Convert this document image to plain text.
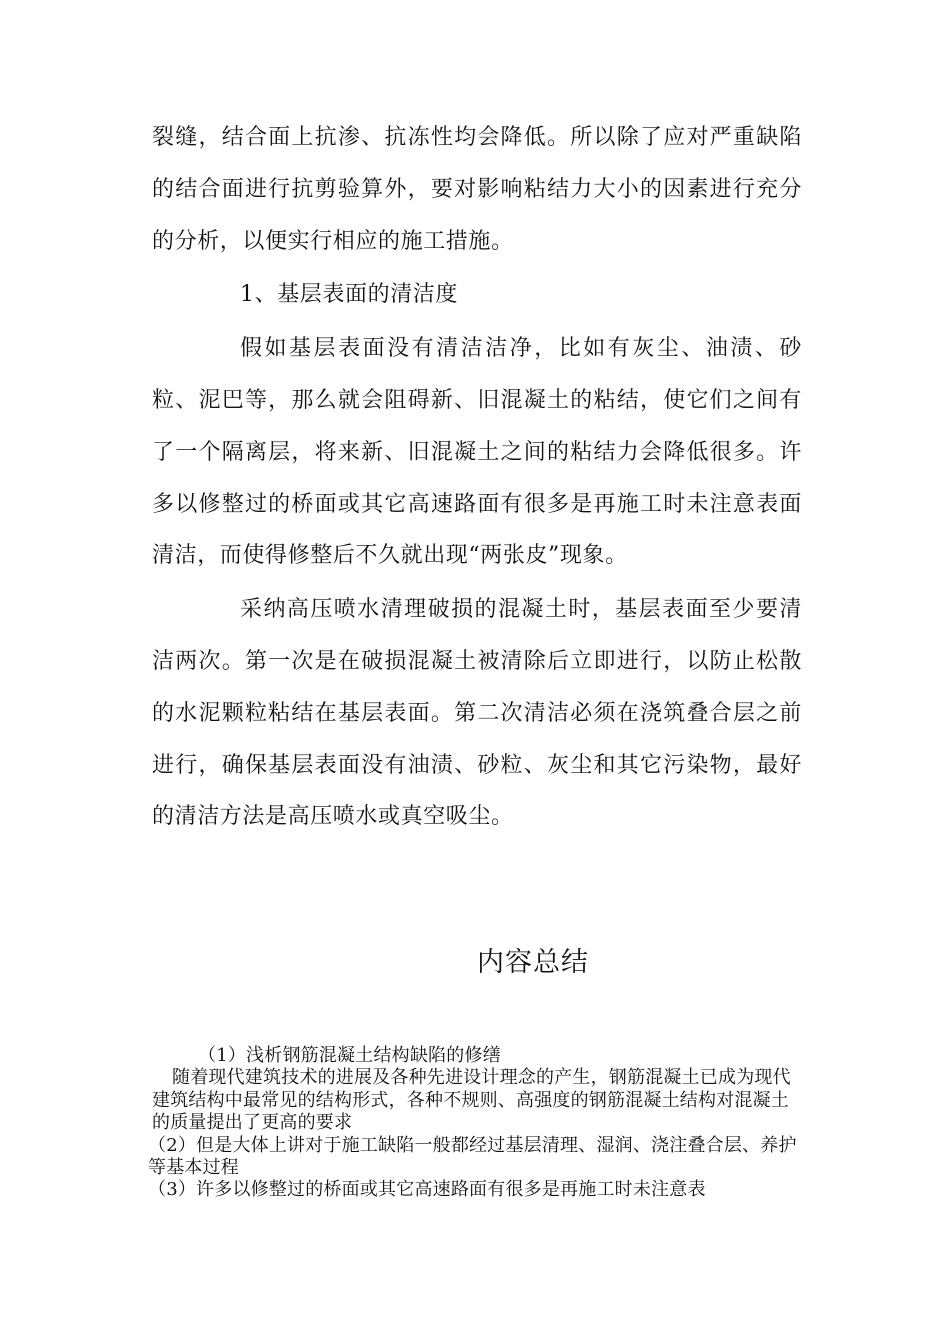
裂缝，结合面上抗渗、抗冻性均会降低。所以除了应对严重缺陷的结合面进行抗剪验算外，要对影响粘结力大小的因素进行充分的分析，以便实行相应的施工措施。

1、基层表面的清洁度

假如基层表面没有清洁洁净，比如有灰尘、油渍、砂粒、泥巴等，那么就会阻碍新、旧混凝土的粘结，使它们之间有了一个隔离层，将来新、旧混凝土之间的粘结力会降低很多。许多以修整过的桥面或其它高速路面有很多是再施工时未注意表面清洁，而使得修整后不久就出现“两张皮”现象。

采纳高压喷水清理破损的混凝土时，基层表面至少要清洁两次。第一次是在破损混凝土被清除后立即进行，以防止松散的水泥颗粒粘结在基层表面。第二次清洁必须在浇筑叠合层之前进行，确保基层表面没有油渍、砂粒、灰尘和其它污染物，最好的清洁方法是高压喷水或真空吸尘。

内容总结

（1）浅析钢筋混凝土结构缺陷的修缮

随着现代建筑技术的进展及各种先进设计理念的产生，钢筋混凝土已成为现代建筑结构中最常见的结构形式，各种不规则、高强度的钢筋混凝土结构对混凝土的质量提出了更高的要求

（2）但是大体上讲对于施工缺陷一般都经过基层清理、湿润、浇注叠合层、养护等基本过程

（3）许多以修整过的桥面或其它高速路面有很多是再施工时未注意表
